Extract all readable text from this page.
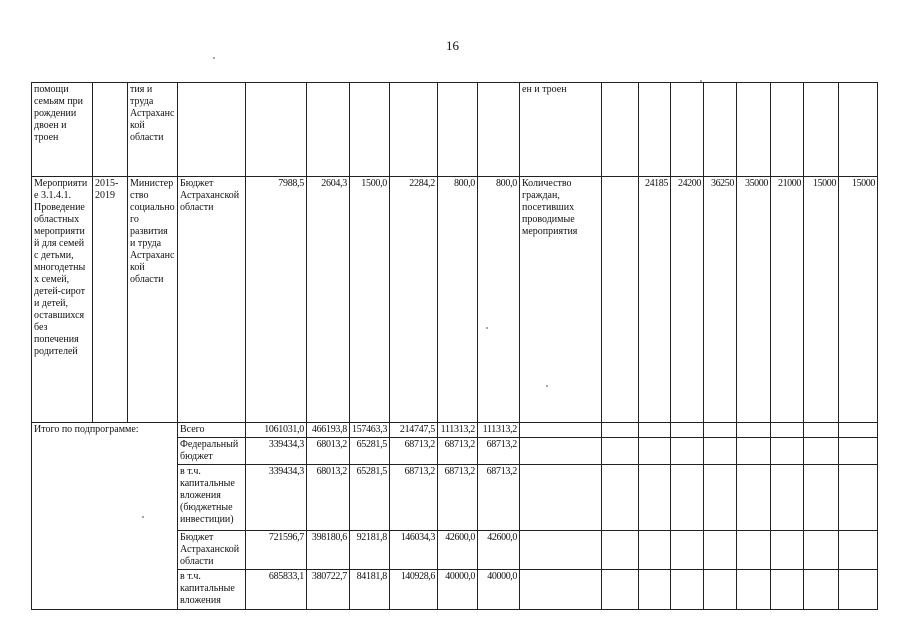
16
помощи семьям при рождении двоен и троен		тия и труда Астраханской области								ен и троен								
Мероприятие 3.1.4.1. Проведение областных мероприятий для семей с детьми, многодетных семей, детей-сирот и детей, оставшихся без попечения родителей	2015-2019	Министерство социального развития и труда Астраханской области	Бюджет Астраханской области	7988,5	2604,3	1500,0	2284,2	800,0	800,0	Количество граждан, посетивших проводимые мероприятия		24185	24200	36250	35000	21000	15000	15000
Итого по подпрограмме:			Всего	1061031,0	466193,8	157463,3	214747,5	111313,2	111313,2									
			Федеральный бюджет	339434,3	68013,2	65281,5	68713,2	68713,2	68713,2									
			в т.ч. капитальные вложения (бюджетные инвестиции)	339434,3	68013,2	65281,5	68713,2	68713,2	68713,2									
			Бюджет Астраханской области	721596,7	398180,6	92181,8	146034,3	42600,0	42600,0									
			в т.ч. капитальные вложения	685833,1	380722,7	84181,8	140928,6	40000,0	40000,0									
